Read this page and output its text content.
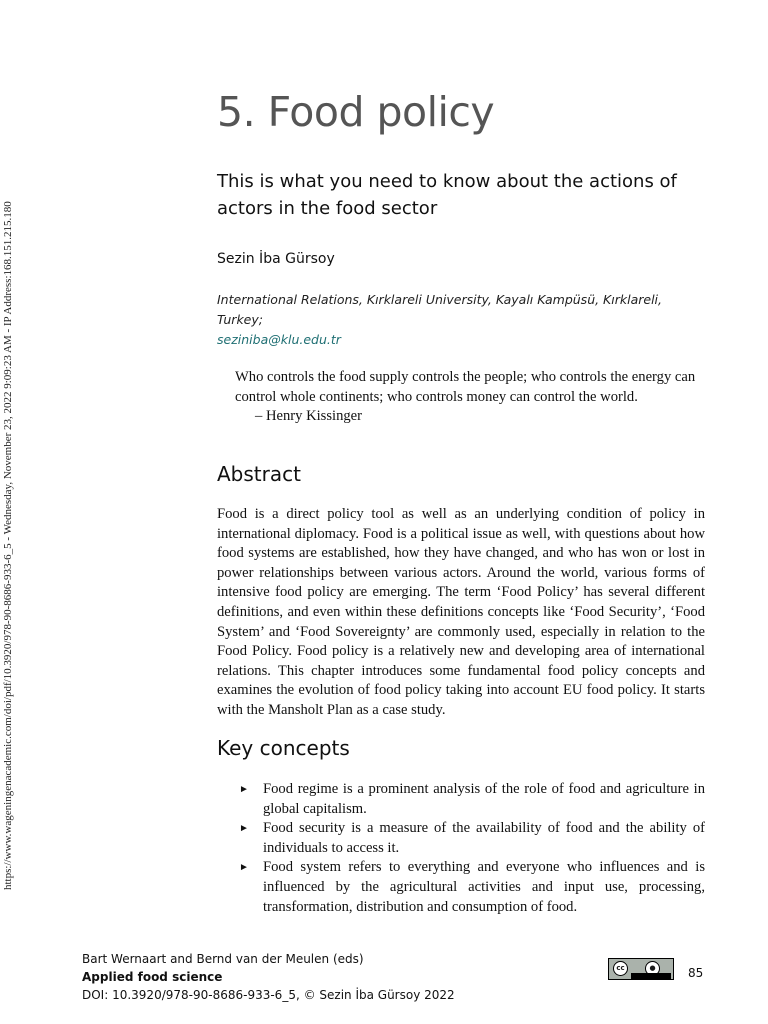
https://www.wageningenacademic.com/doi/pdf/10.3920/978-90-8686-933-6_5 - Wednesday, November 23, 2022 9:09:23 AM - IP Address:168.151.215.180
5. Food policy

This is what you need to know about the actions of actors in the food sector

Sezin İba Gürsoy
International Relations, Kırklareli University, Kayalı Kampüsü, Kırklareli, Turkey;
seziniba@klu.edu.tr
Who controls the food supply controls the people; who controls the energy can control whole continents; who controls money can control the world.
– Henry Kissinger
Abstract

Food is a direct policy tool as well as an underlying condition of policy in international diplomacy. Food is a political issue as well, with questions about how food systems are established, how they have changed, and who has won or lost in power relationships between various actors. Around the world, various forms of intensive food policy are emerging. The term ‘Food Policy’ has several different definitions, and even within these definitions concepts like ‘Food Security’, ‘Food System’ and ‘Food Sovereignty’ are commonly used, especially in relation to the Food Policy. Food policy is a relatively new and developing area of international relations. This chapter introduces some fundamental food policy concepts and examines the evolution of food policy taking into account EU food policy. It starts with the Mansholt Plan as a case study.

Key concepts
► Food regime is a prominent analysis of the role of food and agriculture in global capitalism.
► Food security is a measure of the availability of food and the ability of individuals to access it.
► Food system refers to everything and everyone who influences and is influenced by the agricultural activities and input use, processing, transformation, distribution and consumption of food.
Bart Wernaart and Bernd van der Meulen (eds)
Applied food science
DOI: 10.3920/978-90-8686-933-6_5, © Sezin İba Gürsoy 2022
cc	●	85
